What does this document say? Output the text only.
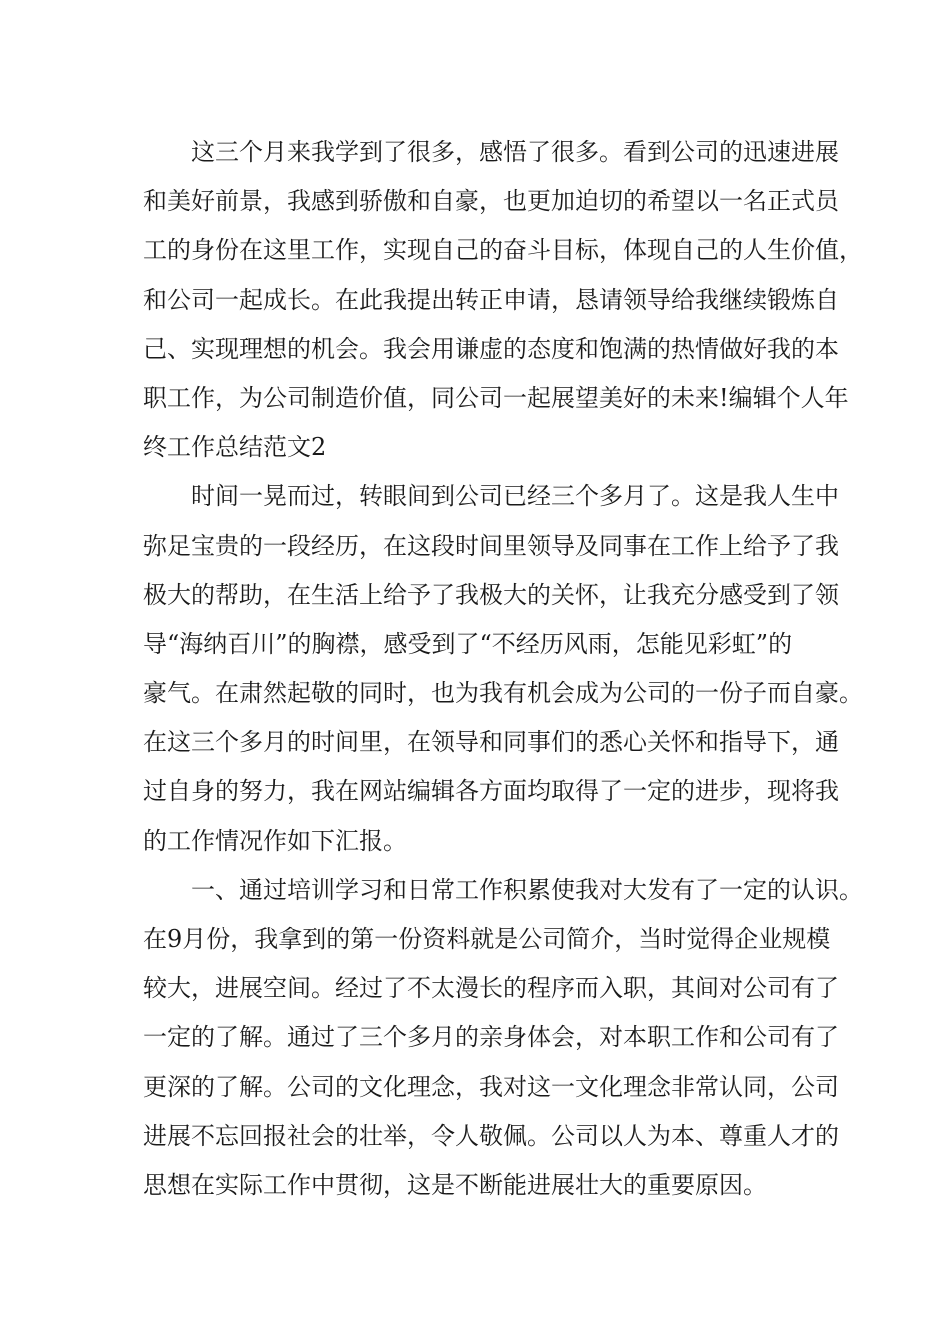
这三个月来我学到了很多，感悟了很多。看到公司的迅速进展
和美好前景，我感到骄傲和自豪，也更加迫切的希望以一名正式员
工的身份在这里工作，实现自己的奋斗目标，体现自己的人生价值，
和公司一起成长。在此我提出转正申请，恳请领导给我继续锻炼自
己、实现理想的机会。我会用谦虚的态度和饱满的热情做好我的本
职工作，为公司制造价值，同公司一起展望美好的未来!编辑个人年
终工作总结范文2
时间一晃而过，转眼间到公司已经三个多月了。这是我人生中
弥足宝贵的一段经历，在这段时间里领导及同事在工作上给予了我
极大的帮助，在生活上给予了我极大的关怀，让我充分感受到了领
导“海纳百川”的胸襟，感受到了“不经历风雨，怎能见彩虹”的
豪气。在肃然起敬的同时，也为我有机会成为公司的一份子而自豪。
在这三个多月的时间里，在领导和同事们的悉心关怀和指导下，通
过自身的努力，我在网站编辑各方面均取得了一定的进步，现将我
的工作情况作如下汇报。
一、通过培训学习和日常工作积累使我对大发有了一定的认识。
在9月份，我拿到的第一份资料就是公司简介，当时觉得企业规模
较大，进展空间。经过了不太漫长的程序而入职，其间对公司有了
一定的了解。通过了三个多月的亲身体会，对本职工作和公司有了
更深的了解。公司的文化理念，我对这一文化理念非常认同，公司
进展不忘回报社会的壮举，令人敬佩。公司以人为本、尊重人才的
思想在实际工作中贯彻，这是不断能进展壮大的重要原因。
